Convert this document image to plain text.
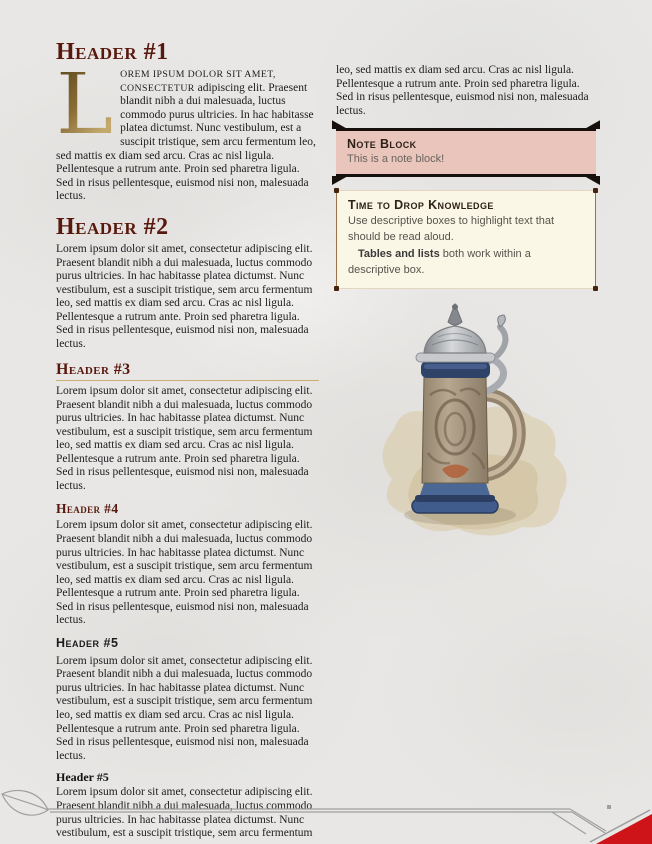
Header #1

L OREM IPSUM DOLOR SIT AMET, CONSECTETUR adipiscing elit. Praesent blandit nibh a dui malesuada, luctus commodo purus ultricies. In hac habitasse platea dictumst. Nunc vestibulum, est a suscipit tristique, sem arcu fermentum leo, sed mattis ex diam sed arcu. Cras ac nisl ligula. Pellentesque a rutrum ante. Proin sed pharetra ligula. Sed in risus pellentesque, euismod nisi non, malesuada lectus.

Header #2

Lorem ipsum dolor sit amet, consectetur adipiscing elit. Praesent blandit nibh a dui malesuada, luctus commodo purus ultricies. In hac habitasse platea dictumst. Nunc vestibulum, est a suscipit tristique, sem arcu fermentum leo, sed mattis ex diam sed arcu. Cras ac nisl ligula. Pellentesque a rutrum ante. Proin sed pharetra ligula. Sed in risus pellentesque, euismod nisi non, malesuada lectus.

Header #3

Lorem ipsum dolor sit amet, consectetur adipiscing elit. Praesent blandit nibh a dui malesuada, luctus commodo purus ultricies. In hac habitasse platea dictumst. Nunc vestibulum, est a suscipit tristique, sem arcu fermentum leo, sed mattis ex diam sed arcu. Cras ac nisl ligula. Pellentesque a rutrum ante. Proin sed pharetra ligula. Sed in risus pellentesque, euismod nisi non, malesuada lectus.

Header #4

Lorem ipsum dolor sit amet, consectetur adipiscing elit. Praesent blandit nibh a dui malesuada, luctus commodo purus ultricies. In hac habitasse platea dictumst. Nunc vestibulum, est a suscipit tristique, sem arcu fermentum leo, sed mattis ex diam sed arcu. Cras ac nisl ligula. Pellentesque a rutrum ante. Proin sed pharetra ligula. Sed in risus pellentesque, euismod nisi non, malesuada lectus.

Header #5

Lorem ipsum dolor sit amet, consectetur adipiscing elit. Praesent blandit nibh a dui malesuada, luctus commodo purus ultricies. In hac habitasse platea dictumst. Nunc vestibulum, est a suscipit tristique, sem arcu fermentum leo, sed mattis ex diam sed arcu. Cras ac nisl ligula. Pellentesque a rutrum ante. Proin sed pharetra ligula. Sed in risus pellentesque, euismod nisi non, malesuada lectus.

Header #5

Lorem ipsum dolor sit amet, consectetur adipiscing elit. Praesent blandit nibh a dui malesuada, luctus commodo purus ultricies. In hac habitasse platea dictumst. Nunc vestibulum, est a suscipit tristique, sem arcu fermentum

leo, sed mattis ex diam sed arcu. Cras ac nisl ligula. Pellentesque a rutrum ante. Proin sed pharetra ligula. Sed in risus pellentesque, euismod nisi non, malesuada lectus.

Note Block

This is a note block!

Time to Drop Knowledge

Use descriptive boxes to highlight text that should be read aloud.

Tables and lists both work within a descriptive box.
